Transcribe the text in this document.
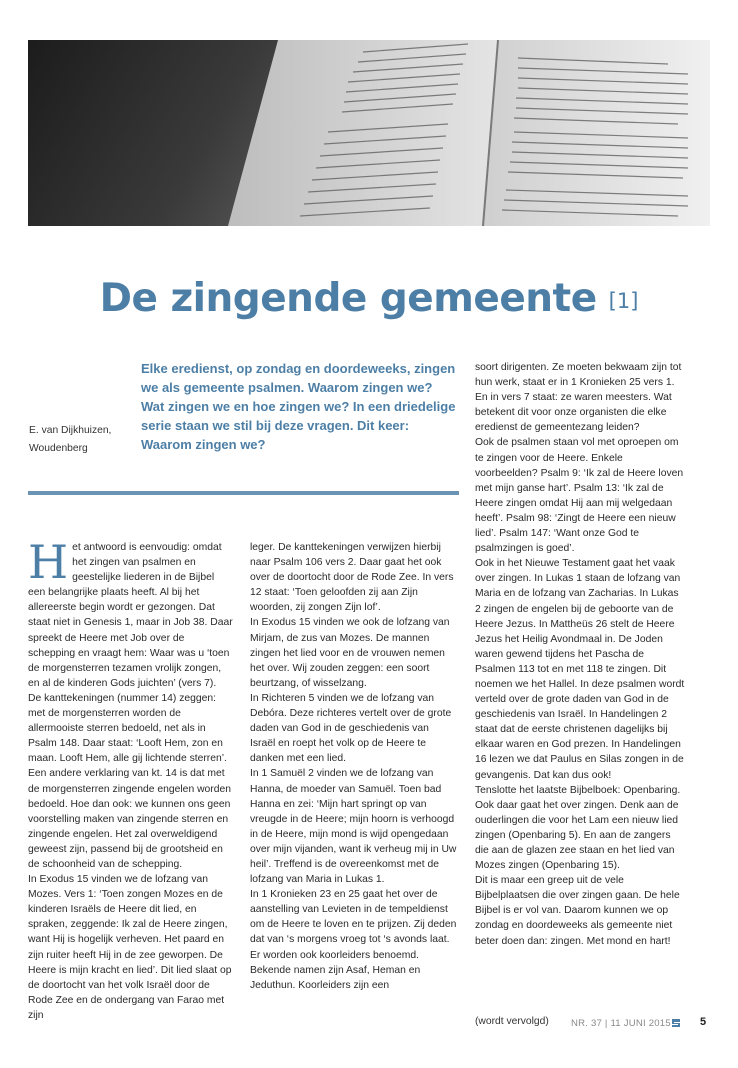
De zingende gemeente [1]
E. van Dijkhuizen, Woudenberg
Elke eredienst, op zondag en doordeweeks, zingen we als gemeente psalmen. Waarom zingen we? Wat zingen we en hoe zingen we? In een driedelige serie staan we stil bij deze vragen. Dit keer: Waarom zingen we?
H et antwoord is eenvoudig: omdat het zingen van psalmen en geestelijke liederen in de Bijbel een belangrijke plaats heeft. Al bij het allereerste begin wordt er gezongen. Dat staat niet in Genesis 1, maar in Job 38. Daar spreekt de Heere met Job over de schepping en vraagt hem: Waar was u ‘toen de morgensterren tezamen vrolijk zongen, en al de kinderen Gods juichten’ (vers 7).

De kanttekeningen (nummer 14) zeggen: met de morgensterren worden de allermooiste sterren bedoeld, net als in Psalm 148. Daar staat: ‘Looft Hem, zon en maan. Looft Hem, alle gij lichtende sterren’. Een andere verklaring van kt. 14 is dat met de morgensterren zingende engelen worden bedoeld. Hoe dan ook: we kunnen ons geen voorstelling maken van zingende sterren en zingende engelen. Het zal overweldigend geweest zijn, passend bij de grootsheid en de schoonheid van de schepping.

In Exodus 15 vinden we de lofzang van Mozes. Vers 1: ‘Toen zongen Mozes en de kinderen Israëls de Heere dit lied, en spraken, zeggende: Ik zal de Heere zingen, want Hij is hogelijk verheven. Het paard en zijn ruiter heeft Hij in de zee geworpen. De Heere is mijn kracht en lied’. Dit lied slaat op de doortocht van het volk Israël door de Rode Zee en de ondergang van Farao met zijn

leger. De kanttekeningen verwijzen hierbij naar Psalm 106 vers 2. Daar gaat het ook over de doortocht door de Rode Zee. In vers 12 staat: ‘Toen geloofden zij aan Zijn woorden, zij zongen Zijn lof’.

In Exodus 15 vinden we ook de lofzang van Mirjam, de zus van Mozes. De mannen zingen het lied voor en de vrouwen nemen het over. Wij zouden zeggen: een soort beurtzang, of wisselzang.

In Richteren 5 vinden we de lofzang van Debóra. Deze richteres vertelt over de grote daden van God in de geschiedenis van Israël en roept het volk op de Heere te danken met een lied.

In 1 Samuël 2 vinden we de lofzang van Hanna, de moeder van Samuël. Toen bad Hanna en zei: ‘Mijn hart springt op van vreugde in de Heere; mijn hoorn is verhoogd in de Heere, mijn mond is wijd opengedaan over mijn vijanden, want ik verheug mij in Uw heil’. Treffend is de overeenkomst met de lofzang van Maria in Lukas 1.

In 1 Kronieken 23 en 25 gaat het over de aanstelling van Levieten in de tempeldienst om de Heere te loven en te prijzen. Zij deden dat van ‘s morgens vroeg tot ‘s avonds laat. Er worden ook koorleiders benoemd. Bekende namen zijn Asaf, Heman en Jeduthun. Koorleiders zijn een

soort dirigenten. Ze moeten bekwaam zijn tot hun werk, staat er in 1 Kronieken 25 vers 1. En in vers 7 staat: ze waren meesters. Wat betekent dit voor onze organisten die elke eredienst de gemeentezang leiden?

Ook de psalmen staan vol met oproepen om te zingen voor de Heere. Enkele voorbeelden? Psalm 9: ‘Ik zal de Heere loven met mijn ganse hart’. Psalm 13: ‘Ik zal de Heere zingen omdat Hij aan mij welgedaan heeft’. Psalm 98: ‘Zingt de Heere een nieuw lied’. Psalm 147: ‘Want onze God te psalmzingen is goed’.

Ook in het Nieuwe Testament gaat het vaak over zingen. In Lukas 1 staan de lofzang van Maria en de lofzang van Zacharias. In Lukas 2 zingen de engelen bij de geboorte van de Heere Jezus. In Mattheüs 26 stelt de Heere Jezus het Heilig Avondmaal in. De Joden waren gewend tijdens het Pascha de Psalmen 113 tot en met 118 te zingen. Dit noemen we het Hallel. In deze psalmen wordt verteld over de grote daden van God in de geschiedenis van Israël. In Handelingen 2 staat dat de eerste christenen dagelijks bij elkaar waren en God prezen. In Handelingen 16 lezen we dat Paulus en Silas zongen in de gevangenis. Dat kan dus ook!

Tenslotte het laatste Bijbelboek: Openbaring. Ook daar gaat het over zingen. Denk aan de ouderlingen die voor het Lam een nieuw lied zingen (Openbaring 5). En aan de zangers die aan de glazen zee staan en het lied van Mozes zingen (Openbaring 15).

Dit is maar een greep uit de vele Bijbelplaatsen die over zingen gaan. De hele Bijbel is er vol van. Daarom kunnen we op zondag en doordeweeks als gemeente niet beter doen dan: zingen. Met mond en hart!

(wordt vervolgd) NR. 37 | 11 JUNI 2015	5
